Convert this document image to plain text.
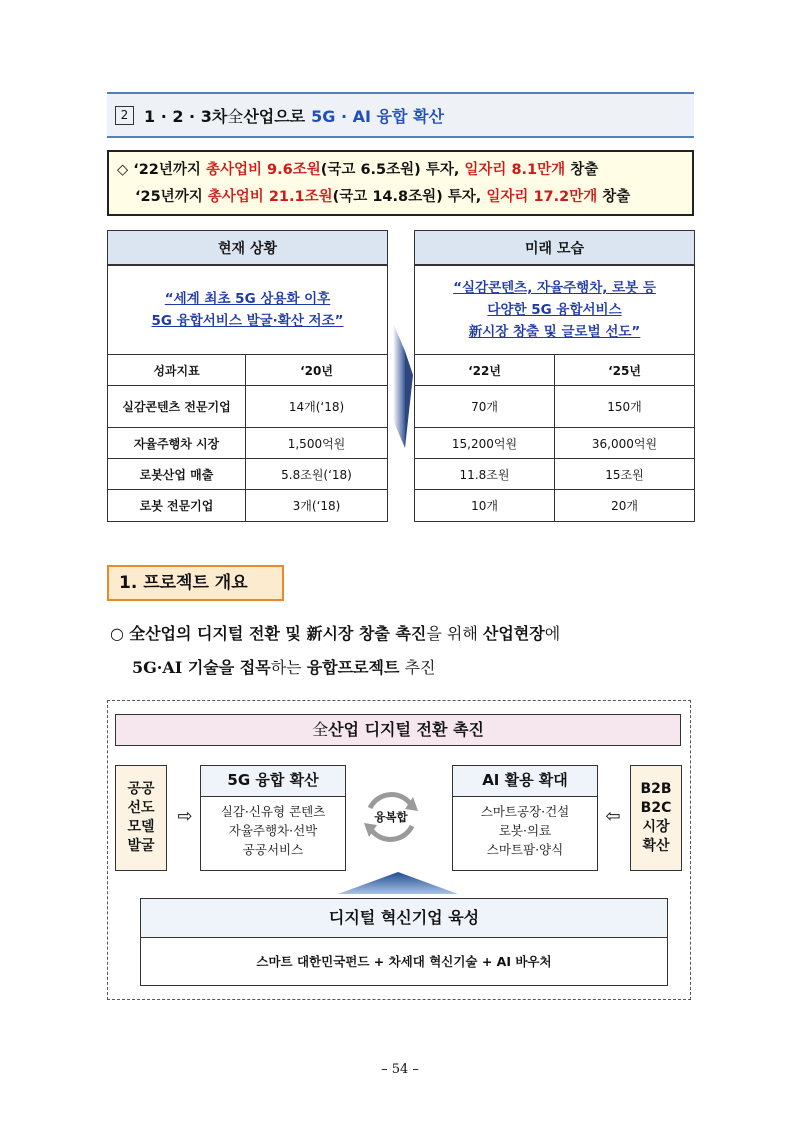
2 1 · 2 · 3차 全 산업으로 5G · AI 융합 확산
◇ ‘22년까지 총사업비 9.6조원(국고 6.5조원) 투자, 일자리 8.1만개 창출
‘25년까지 총사업비 21.1조원(국고 14.8조원) 투자, 일자리 17.2만개 창출
현재 상황	
“세계 최초 5G 상용화 이후
5G 융합서비스 발굴·확산 저조”	
성과지표	‘20년
실감콘텐츠 전문기업	14개(‘18)
자율주행차 시장	1,500억원
로봇산업 매출	5.8조원(‘18)
로봇 전문기업	3개(‘18)
미래 모습	
“실감콘텐츠, 자율주행차, 로봇 등
다양한 5G 융합서비스
新시장 창출 및 글로벌 선도”	
‘22년	‘25년
70개	150개
15,200억원	36,000억원
11.8조원	15조원
10개	20개
1. 프로젝트 개요
○ 全산업의 디지털 전환 및 新시장 창출 촉진을 위해 산업현장에
5G·AI 기술을 접목하는 융합프로젝트 추진
全산업 디지털 전환 촉진
공공
선도
모델
발굴
⇨
5G 융합 확산
실감·신유형 콘텐츠
자율주행차·선박
공공서비스
융복합
AI 활용 확대
스마트공장·건설
로봇·의료
스마트팜·양식
⇦
B2B
B2C
시장
확산
디지털 혁신기업 육성
스마트 대한민국펀드 + 차세대 혁신기술 + AI 바우처
– 54 –
